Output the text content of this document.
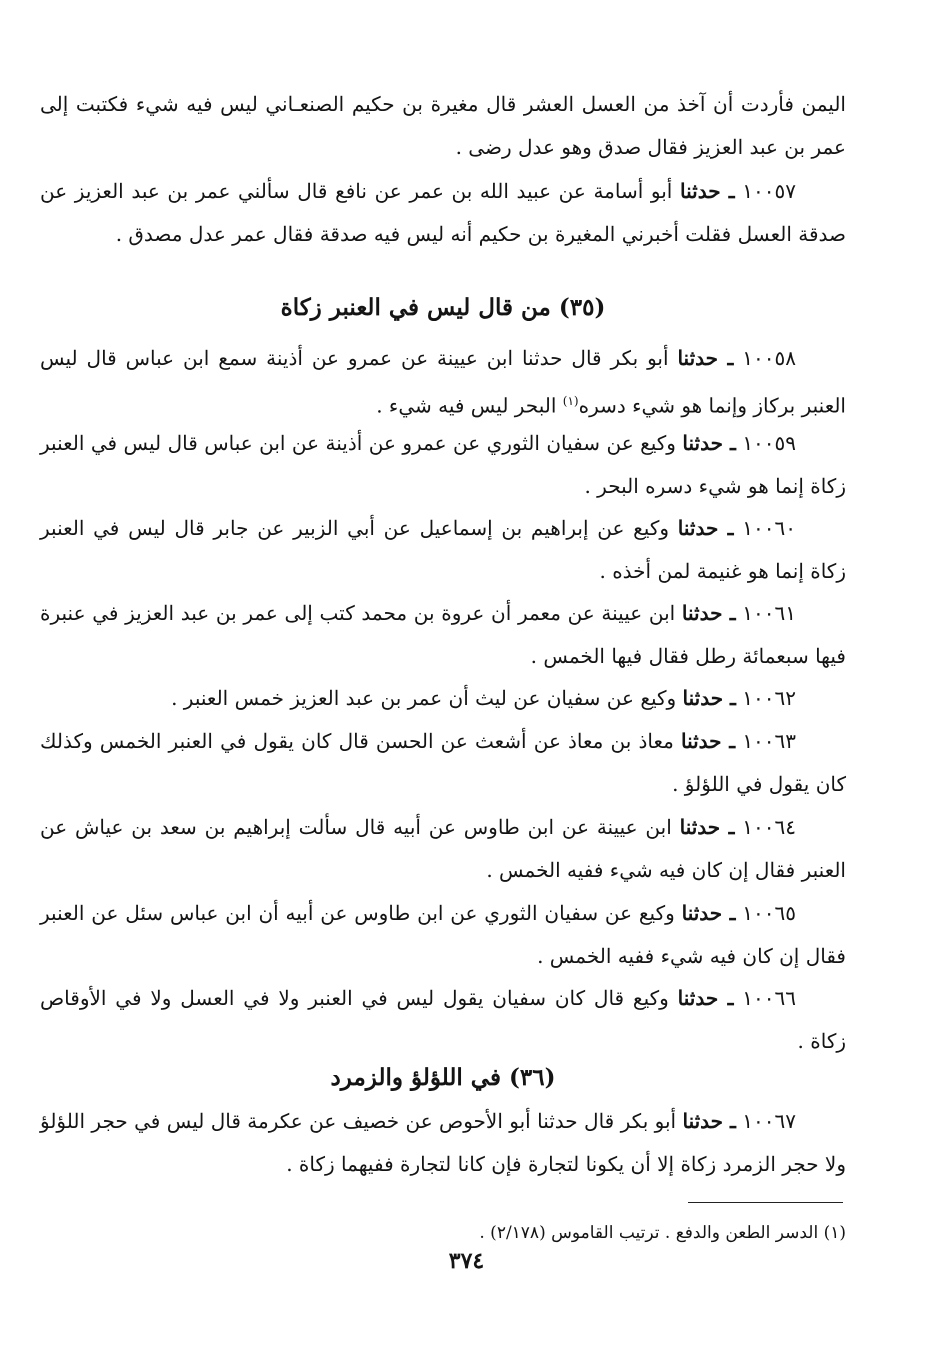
اليمن فأردت أن آخذ من العسل العشر قال مغيرة بن حكيم الصنعـاني ليس فيه شيء فكتبت إلى عمر بن عبد العزيز فقال صدق وهو عدل رضى .
١٠٠٥٧ ـ حدثنا أبو أسامة عن عبيد الله بن عمر عن نافع قال سألني عمر بن عبد العزيز عن صدقة العسل فقلت أخبرني المغيرة بن حكيم أنه ليس فيه صدقة فقال عمر عدل مصدق .
(٣٥) من قال ليس في العنبر زكاة
١٠٠٥٨ ـ حدثنا أبو بكر قال حدثنا ابن عيينة عن عمرو عن أذينة سمع ابن عباس قال ليس العنبر بركاز وإنما هو شيء دسره$^{(١)}$ البحر ليس فيه شيء .
١٠٠٥٩ ـ حدثنا وكيع عن سفيان الثوري عن عمرو عن أذينة عن ابن عباس قال ليس في العنبر زكاة إنما هو شيء دسره البحر .
١٠٠٦٠ ـ حدثنا وكيع عن إبراهيم بن إسماعيل عن أبي الزبير عن جابر قال ليس في العنبر زكاة إنما هو غنيمة لمن أخذه .
١٠٠٦١ ـ حدثنا ابن عيينة عن معمر أن عروة بن محمد كتب إلى عمر بن عبد العزيز في عنبرة فيها سبعمائة رطل فقال فيها الخمس .
١٠٠٦٢ ـ حدثنا وكيع عن سفيان عن ليث أن عمر بن عبد العزيز خمس العنبر .
١٠٠٦٣ ـ حدثنا معاذ بن معاذ عن أشعث عن الحسن قال كان يقول في العنبر الخمس وكذلك كان يقول في اللؤلؤ .
١٠٠٦٤ ـ حدثنا ابن عيينة عن ابن طاوس عن أبيه قال سألت إبراهيم بن سعد بن عياش عن العنبر فقال إن كان فيه شيء ففيه الخمس .
١٠٠٦٥ ـ حدثنا وكيع عن سفيان الثوري عن ابن طاوس عن أبيه أن ابن عباس سئل عن العنبر فقال إن كان فيه شيء ففيه الخمس .
١٠٠٦٦ ـ حدثنا وكيع قال كان سفيان يقول ليس في العنبر ولا في العسل ولا في الأوقاص زكاة .
(٣٦) في اللؤلؤ والزمرد
١٠٠٦٧ ـ حدثنا أبو بكر قال حدثنا أبو الأحوص عن خصيف عن عكرمة قال ليس في حجر اللؤلؤ ولا حجر الزمرد زكاة إلا أن يكونا لتجارة فإن كانا لتجارة ففيهما زكاة .
(١) الدسر الطعن والدفع . ترتيب القاموس (٢/١٧٨) .
٣٧٤
